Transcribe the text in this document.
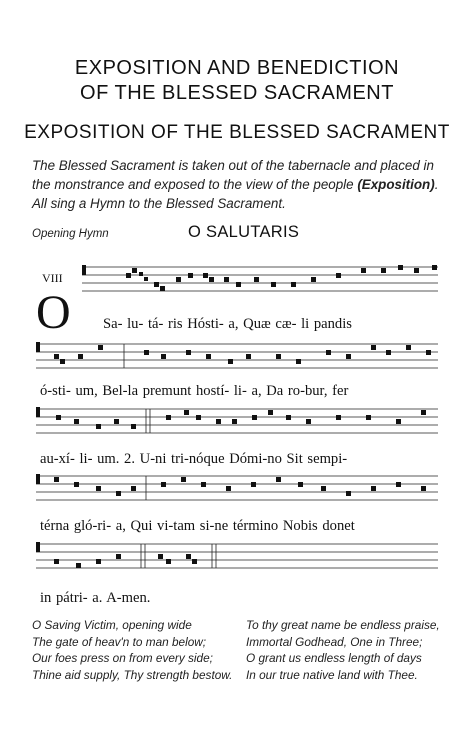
EXPOSITION AND BENEDICTION
OF THE BLESSED SACRAMENT
EXPOSITION OF THE BLESSED SACRAMENT
The Blessed Sacrament is taken out of the tabernacle and placed in the monstrance and exposed to the view of the people (Exposition). All sing a Hymn to the Blessed Sacrament.
Opening Hymn	O SALUTARIS
VIII
O Sa- lu- tá- ris Hósti- a, Quæ cæ- li pandis
ó-sti- um, Bel-la premunt hostí- li- a, Da ro-bur, fer
au-xí- li- um. 2. U-ni tri-nóque Dómi-no Sit sempi-
térna gló-ri- a, Qui vi-tam si-ne término Nobis donet
in pátri- a. A-men.
O Saving Victim, opening wide
The gate of heav'n to man below;
Our foes press on from every side;
Thine aid supply, Thy strength bestow.
To thy great name be endless praise,
Immortal Godhead, One in Three;
O grant us endless length of days
In our true native land with Thee.
